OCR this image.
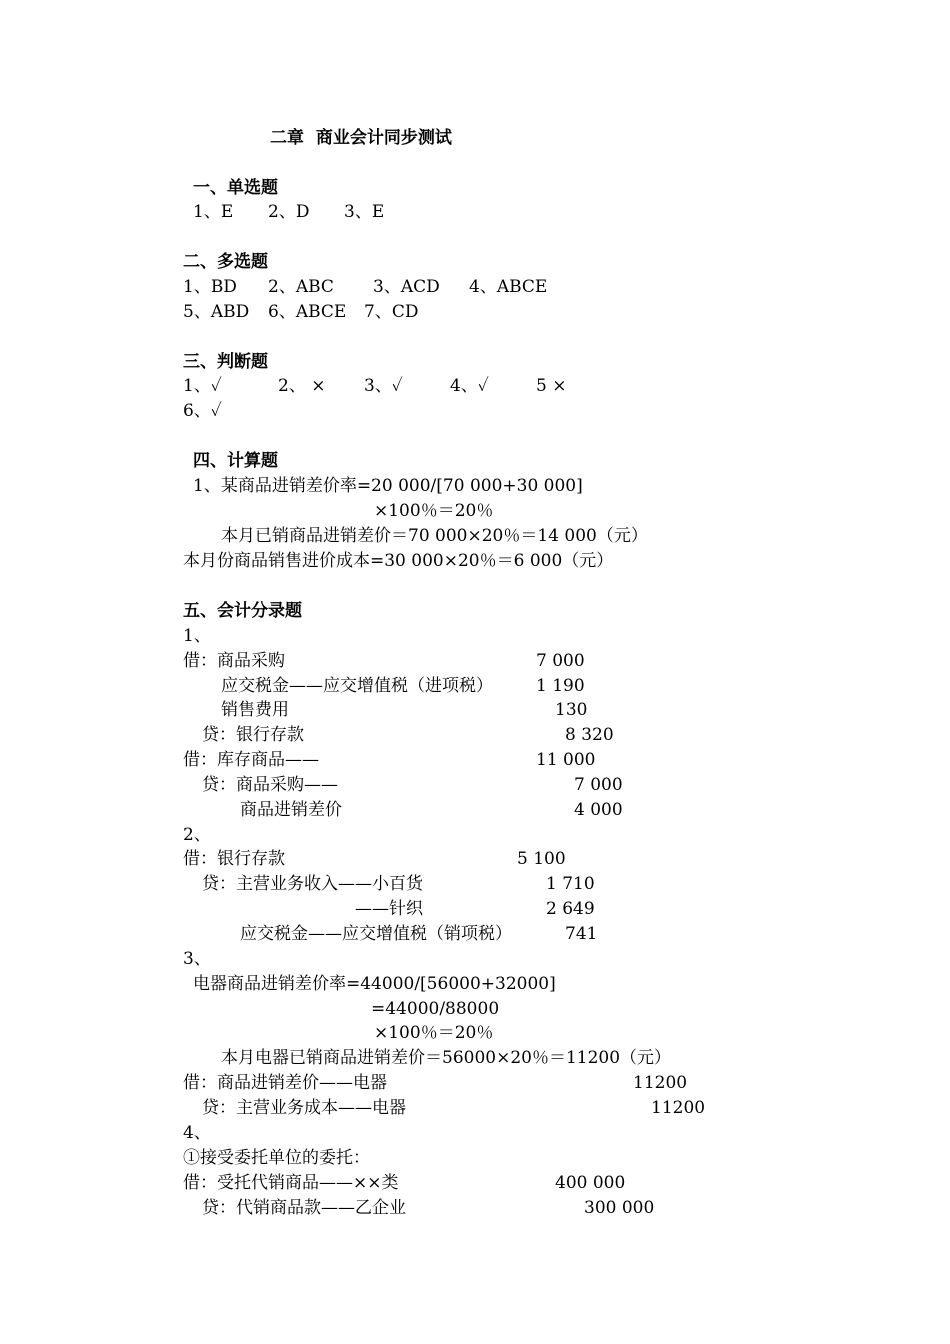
二章  商业会计同步测试
一、单选题
1、E 2、D 3、E
二、多选题
1、BD 2、ABC 3、ACD 4、ABCE
5、ABD 6、ABCE 7、CD
三、判断题
1、✓	2、 × 3、✓	4、✓	5 ×
6、✓
四、计算题
1、某商品进销差价率=20 000/[70 000+30 000]
×100％＝20％
本月已销商品进销差价＝70 000×20％＝14 000（元）
本月份商品销售进价成本=30 000×20％＝6 000（元）
五、会计分录题
1、
借：商品采购	7 000
应交税金——应交增值税（进项税）	1 190
销售费用	130
贷：银行存款	8 320
借：库存商品——	11 000
贷：商品采购——	7 000
商品进销差价	4 000
2、
借：银行存款	5 100
贷：主营业务收入——小百货	1 710
——针织	2 649
应交税金——应交增值税（销项税）	741
3、
电器商品进销差价率=44000/[56000+32000]
=44000/88000
×100％＝20％
本月电器已销商品进销差价＝56000×20％＝11200（元）
借：商品进销差价——电器	11200
贷：主营业务成本——电器	11200
4、
①接受委托单位的委托：
借：受托代销商品——××类	400 000
贷：代销商品款——乙企业	300 000
